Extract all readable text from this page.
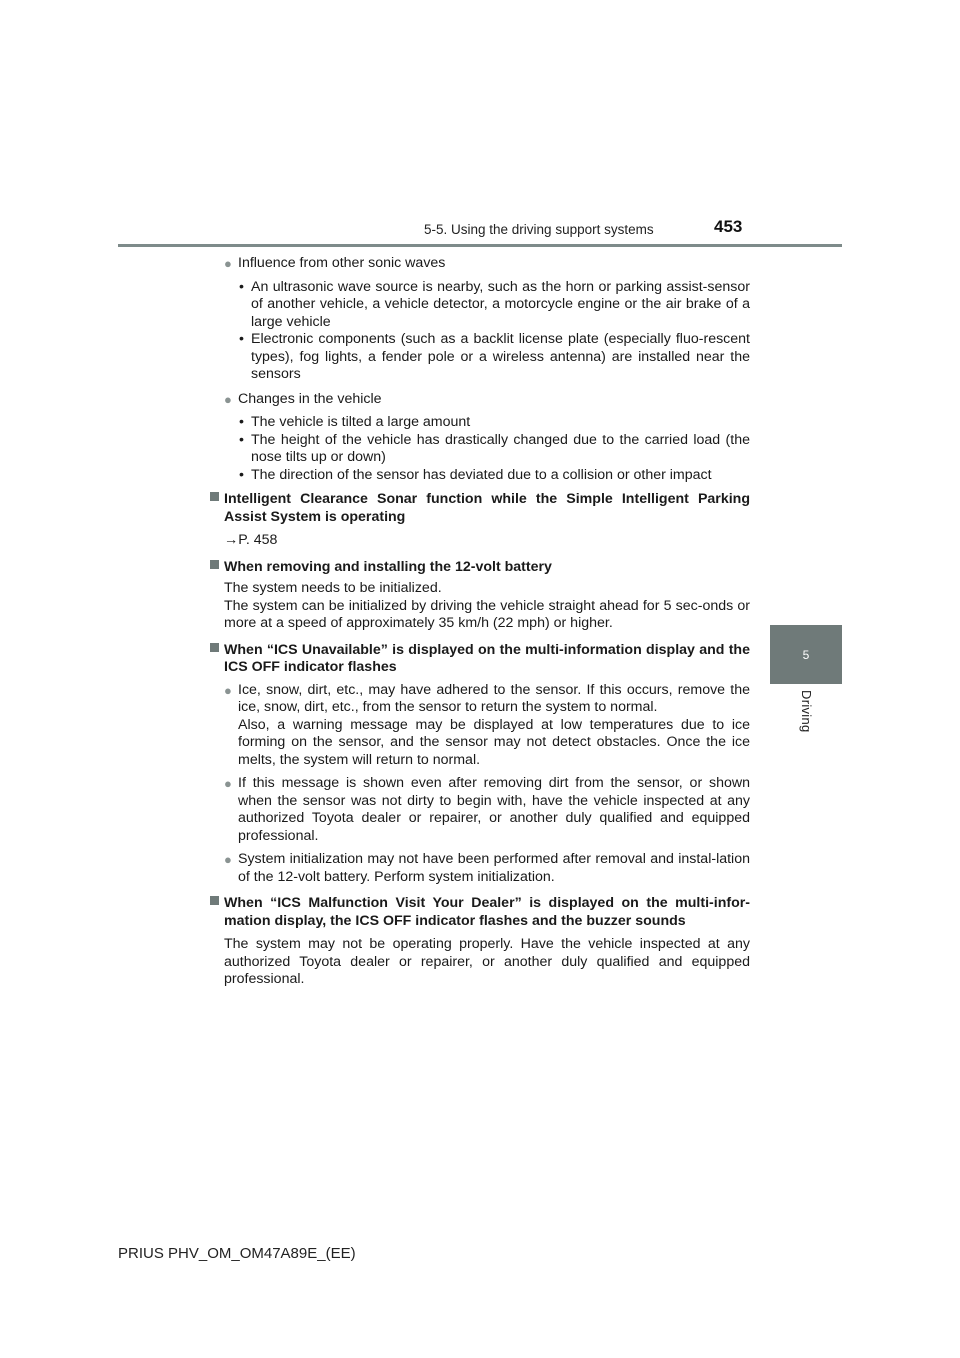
5-5. Using the driving support systems	453
5
Driving
● Influence from other sonic waves
• An ultrasonic wave source is nearby, such as the horn or parking assist-sensor of another vehicle, a vehicle detector, a motorcycle engine or the air brake of a large vehicle
• Electronic components (such as a backlit license plate (especially fluo-rescent types), fog lights, a fender pole or a wireless antenna) are installed near the sensors
● Changes in the vehicle
• The vehicle is tilted a large amount
• The height of the vehicle has drastically changed due to the carried load (the nose tilts up or down)
• The direction of the sensor has deviated due to a collision or other impact
Intelligent Clearance Sonar function while the Simple Intelligent Parking Assist System is operating
→P. 458
When removing and installing the 12-volt battery
The system needs to be initialized.
The system can be initialized by driving the vehicle straight ahead for 5 sec-onds or more at a speed of approximately 35 km/h (22 mph) or higher.
When “ICS Unavailable” is displayed on the multi-information display and the ICS OFF indicator flashes
● Ice, snow, dirt, etc., may have adhered to the sensor. If this occurs, remove the ice, snow, dirt, etc., from the sensor to return the system to normal.
Also, a warning message may be displayed at low temperatures due to ice forming on the sensor, and the sensor may not detect obstacles. Once the ice melts, the system will return to normal.
● If this message is shown even after removing dirt from the sensor, or shown when the sensor was not dirty to begin with, have the vehicle inspected at any authorized Toyota dealer or repairer, or another duly qualified and equipped professional.
● System initialization may not have been performed after removal and instal-lation of the 12-volt battery. Perform system initialization.
When “ICS Malfunction Visit Your Dealer” is displayed on the multi-infor-mation display, the ICS OFF indicator flashes and the buzzer sounds
The system may not be operating properly. Have the vehicle inspected at any authorized Toyota dealer or repairer, or another duly qualified and equipped professional.
PRIUS PHV_OM_OM47A89E_(EE)
